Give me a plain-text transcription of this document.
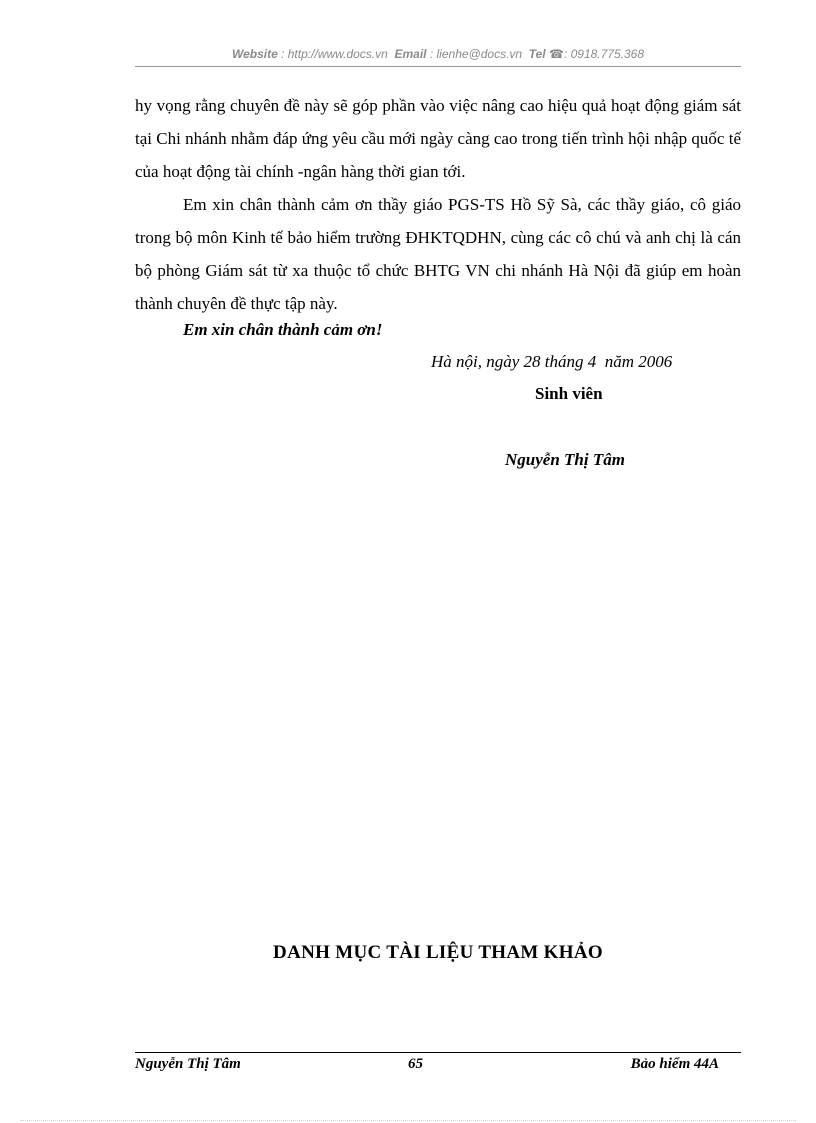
Website : http://www.docs.vn Email : lienhe@docs.vn Tel ☎: 0918.775.368

hy vọng rằng chuyên đề này sẽ góp phần vào việc nâng cao hiệu quả hoạt động giám sát tại Chi nhánh nhằm đáp ứng yêu cầu mới ngày càng cao trong tiến trình hội nhập quốc tế của hoạt động tài chính -ngân hàng thời gian tới.

Em xin chân thành cảm ơn thầy giáo PGS-TS Hồ Sỹ Sà, các thầy giáo, cô giáo trong bộ môn Kinh tế bảo hiểm trường ĐHKTQDHN, cùng các cô chú và anh chị là cán bộ phòng Giám sát từ xa thuộc tổ chức BHTG VN chi nhánh Hà Nội đã giúp em hoàn thành chuyên đề thực tập này.

Em xin chân thành cảm ơn!
Hà nội, ngày 28 tháng 4  năm 2006
Sinh viên
Nguyễn Thị Tâm
DANH MỤC TÀI LIỆU THAM KHẢO
Nguyễn Thị Tâm	65	Bảo hiểm 44A
